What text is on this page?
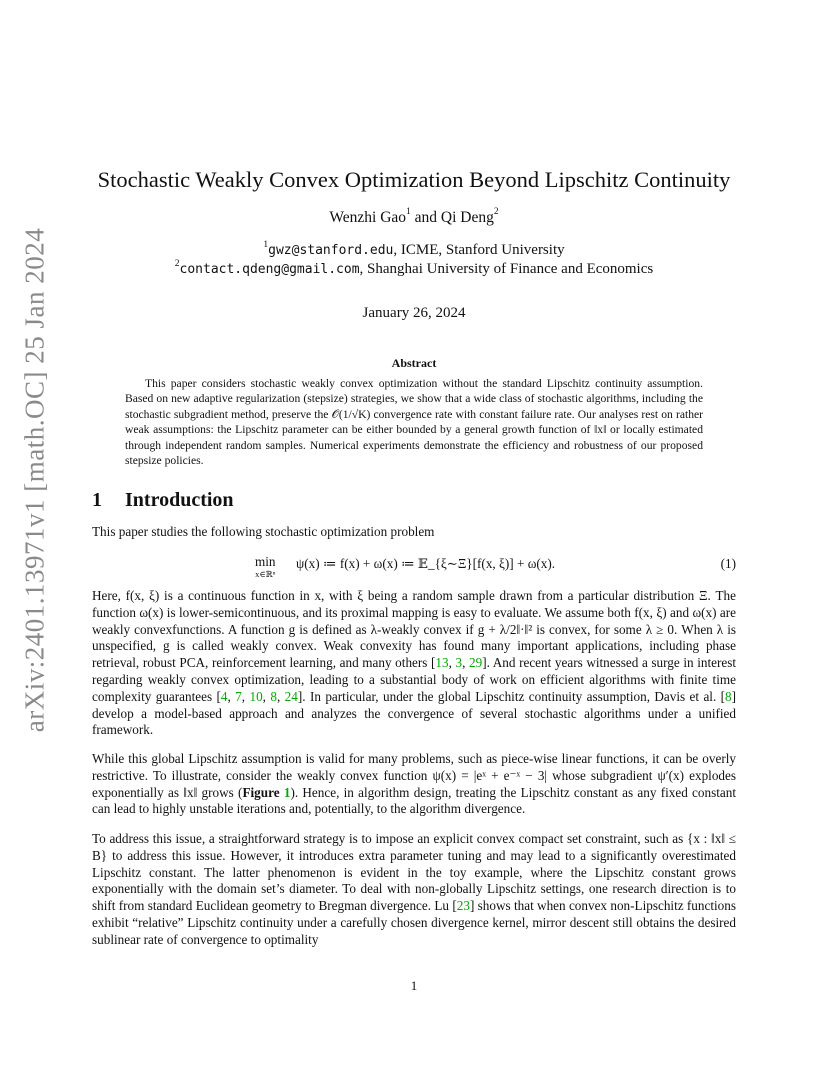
arXiv:2401.13971v1 [math.OC] 25 Jan 2024
Stochastic Weakly Convex Optimization Beyond Lipschitz Continuity
Wenzhi Gao$^1$ and Qi Deng$^2$
$^1$gwz@stanford.edu, ICME, Stanford University
$^2$contact.qdeng@gmail.com, Shanghai University of Finance and Economics
January 26, 2024
Abstract
This paper considers stochastic weakly convex optimization without the standard Lipschitz continuity assumption. Based on new adaptive regularization (stepsize) strategies, we show that a wide class of stochastic algorithms, including the stochastic subgradient method, preserve the 𝒪(1/√K) convergence rate with constant failure rate. Our analyses rest on rather weak assumptions: the Lipschitz parameter can be either bounded by a general growth function of ‖x‖ or locally estimated through independent random samples. Numerical experiments demonstrate the efficiency and robustness of our proposed stepsize policies.
1 Introduction
This paper studies the following stochastic optimization problem
min
x∈ℝⁿ
ψ(x) ≔ f(x) + ω(x) ≔ 𝔼_{ξ∼Ξ}[f(x, ξ)] + ω(x).	(1)
Here, f(x, ξ) is a continuous function in x, with ξ being a random sample drawn from a particular distribution Ξ. The function ω(x) is lower-semicontinuous, and its proximal mapping is easy to evaluate. We assume both f(x, ξ) and ω(x) are weakly convexfunctions. A function g is defined as λ-weakly convex if g + λ/2‖·‖² is convex, for some λ ≥ 0. When λ is unspecified, g is called weakly convex. Weak convexity has found many important applications, including phase retrieval, robust PCA, reinforcement learning, and many others [13, 3, 29]. And recent years witnessed a surge in interest regarding weakly convex optimization, leading to a substantial body of work on efficient algorithms with finite time complexity guarantees [4, 7, 10, 8, 24]. In particular, under the global Lipschitz continuity assumption, Davis et al. [8] develop a model-based approach and analyzes the convergence of several stochastic algorithms under a unified framework.
While this global Lipschitz assumption is valid for many problems, such as piece-wise linear functions, it can be overly restrictive. To illustrate, consider the weakly convex function ψ(x) = |eˣ + e⁻ˣ − 3| whose subgradient ψ′(x) explodes exponentially as ‖x‖ grows (Figure 1). Hence, in algorithm design, treating the Lipschitz constant as any fixed constant can lead to highly unstable iterations and, potentially, to the algorithm divergence.
To address this issue, a straightforward strategy is to impose an explicit convex compact set constraint, such as {x : ‖x‖ ≤ B} to address this issue. However, it introduces extra parameter tuning and may lead to a significantly overestimated Lipschitz constant. The latter phenomenon is evident in the toy example, where the Lipschitz constant grows exponentially with the domain set’s diameter. To deal with non-globally Lipschitz settings, one research direction is to shift from standard Euclidean geometry to Bregman divergence. Lu [23] shows that when convex non-Lipschitz functions exhibit “relative” Lipschitz continuity under a carefully chosen divergence kernel, mirror descent still obtains the desired sublinear rate of convergence to optimality
1
